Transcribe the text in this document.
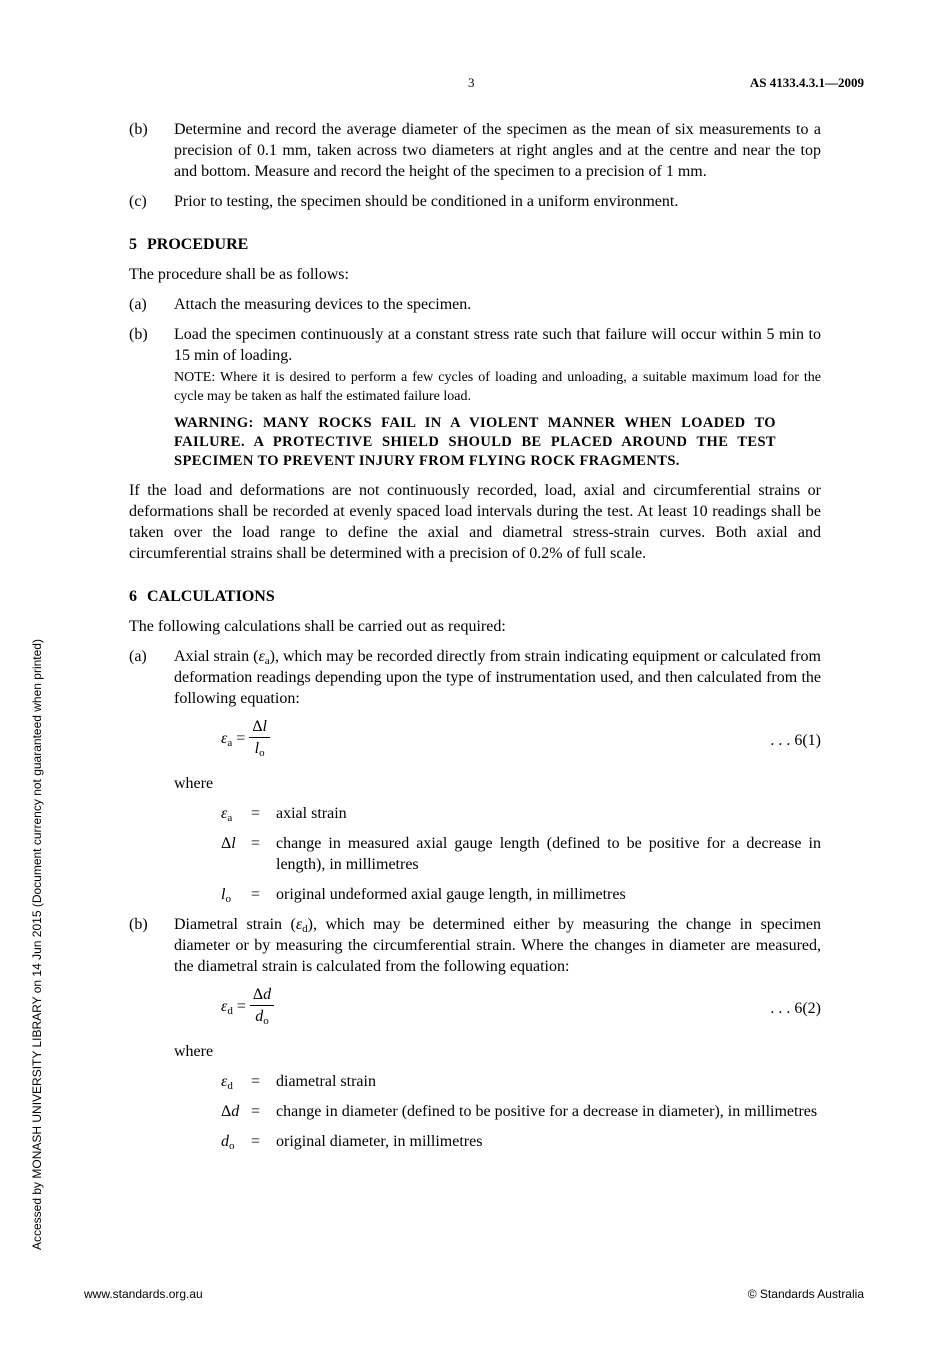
3	AS 4133.4.3.1—2009
Accessed by MONASH UNIVERSITY LIBRARY on 14 Jun 2015 (Document currency not guaranteed when printed)
(b)	Determine and record the average diameter of the specimen as the mean of six measurements to a precision of 0.1 mm, taken across two diameters at right angles and at the centre and near the top and bottom. Measure and record the height of the specimen to a precision of 1 mm.
(c)	Prior to testing, the specimen should be conditioned in a uniform environment.
5 PROCEDURE
The procedure shall be as follows:
(a)	Attach the measuring devices to the specimen.
(b)	Load the specimen continuously at a constant stress rate such that failure will occur within 5 min to 15 min of loading.
NOTE: Where it is desired to perform a few cycles of loading and unloading, a suitable maximum load for the cycle may be taken as half the estimated failure load.
WARNING: MANY ROCKS FAIL IN A VIOLENT MANNER WHEN LOADED TO FAILURE. A PROTECTIVE SHIELD SHOULD BE PLACED AROUND THE TEST SPECIMEN TO PREVENT INJURY FROM FLYING ROCK FRAGMENTS.
If the load and deformations are not continuously recorded, load, axial and circumferential strains or deformations shall be recorded at evenly spaced load intervals during the test. At least 10 readings shall be taken over the load range to define the axial and diametral stress-strain curves. Both axial and circumferential strains shall be determined with a precision of 0.2% of full scale.
6 CALCULATIONS
The following calculations shall be carried out as required:
(a)	Axial strain $(\varepsilon_a)$, which may be recorded directly from strain indicating equipment or calculated from deformation readings depending upon the type of instrumentation used, and then calculated from the following equation:
$\varepsilon_a = \frac{\Delta l}{l_o}$	. . . 6(1)
where
$\varepsilon_a$	= axial strain
Δl = change in measured axial gauge length (defined to be positive for a decrease in length), in millimetres
$l_o$	= original undeformed axial gauge length, in millimetres
(b)	Diametral strain $(\varepsilon_d)$, which may be determined either by measuring the change in specimen diameter or by measuring the circumferential strain. Where the changes in diameter are measured, the diametral strain is calculated from the following equation:
$\varepsilon_d = \frac{\Delta d}{d_o}$	. . . 6(2)
where
$\varepsilon_d$	= diametral strain
Δd = change in diameter (defined to be positive for a decrease in diameter), in millimetres
$d_o$	= original diameter, in millimetres
www.standards.org.au	© Standards Australia
